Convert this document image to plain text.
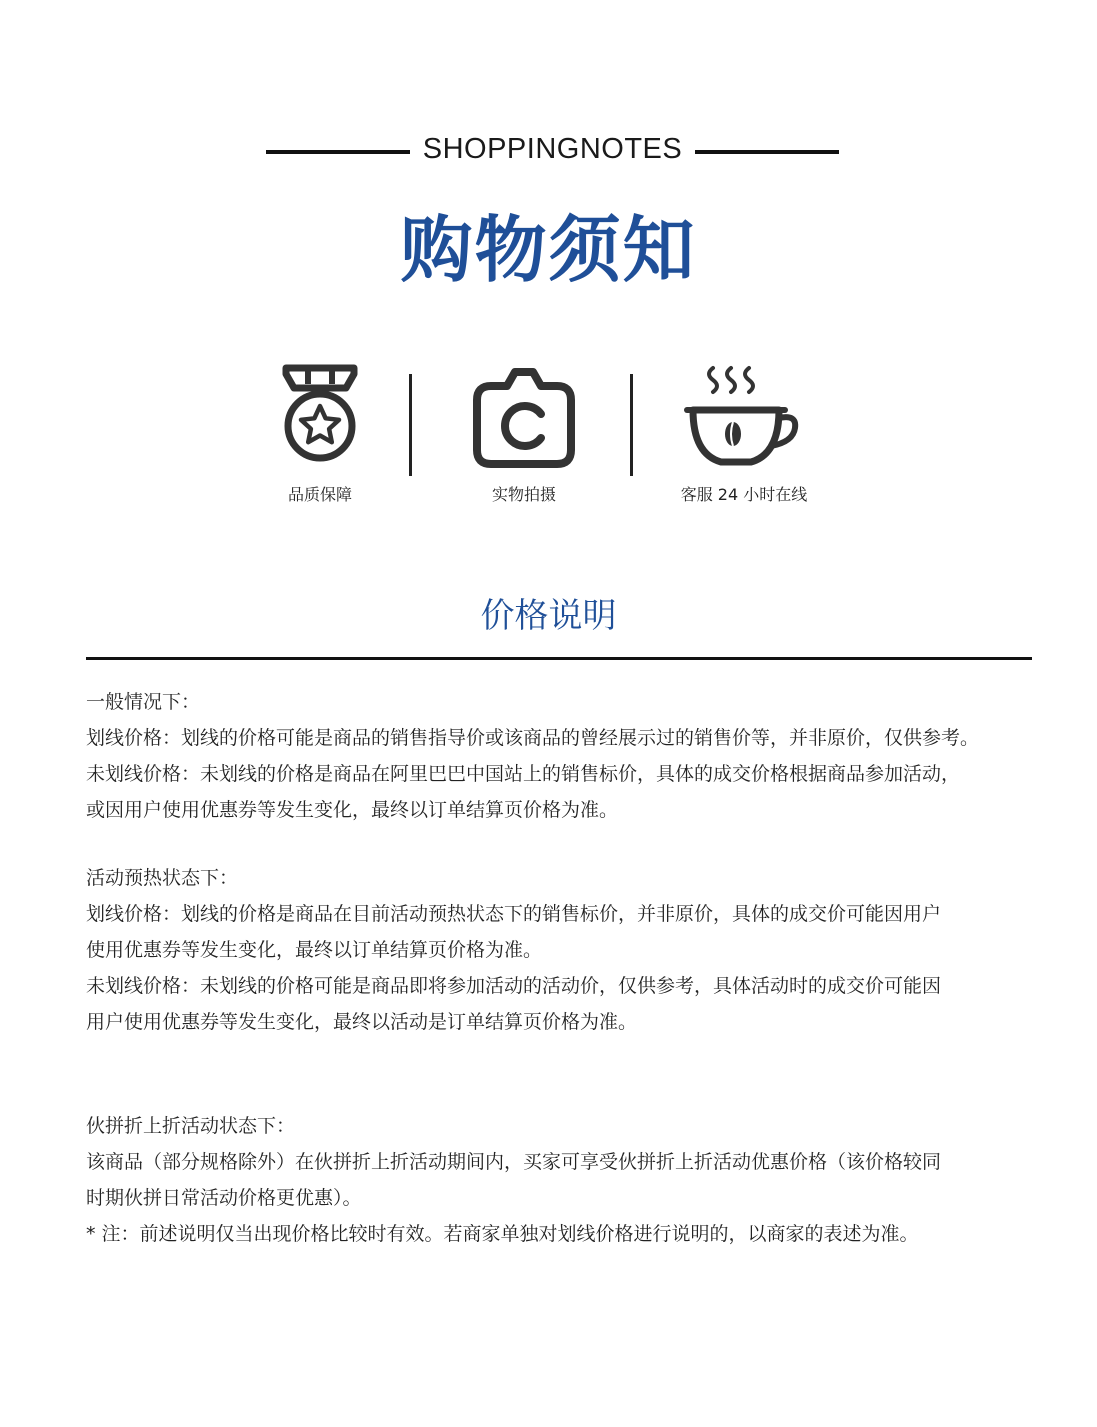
SHOPPINGNOTES
购物须知
品质保障	实物拍摄	客服 24 小时在线
价格说明

一般情况下：

划线价格：划线的价格可能是商品的销售指导价或该商品的曾经展示过的销售价等，并非原价，仅供参考。

未划线价格：未划线的价格是商品在阿里巴巴中国站上的销售标价，具体的成交价格根据商品参加活动，

或因用户使用优惠券等发生变化，最终以订单结算页价格为准。

活动预热状态下：

划线价格：划线的价格是商品在目前活动预热状态下的销售标价，并非原价，具体的成交价可能因用户

使用优惠券等发生变化，最终以订单结算页价格为准。

未划线价格：未划线的价格可能是商品即将参加活动的活动价，仅供参考，具体活动时的成交价可能因

用户使用优惠券等发生变化，最终以活动是订单结算页价格为准。

伙拼折上折活动状态下：

该商品（部分规格除外）在伙拼折上折活动期间内，买家可享受伙拼折上折活动优惠价格（该价格较同

时期伙拼日常活动价格更优惠）。

* 注：前述说明仅当出现价格比较时有效。若商家单独对划线价格进行说明的，以商家的表述为准。
